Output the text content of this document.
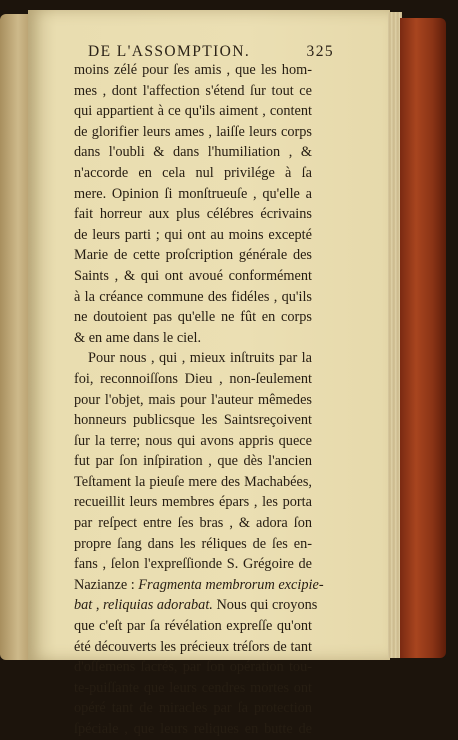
DE L'ASSOMPTION.	325
moins zélé pour ſes amis , que les hom-
mes , dont l'affection s'étend ſur tout ce
qui appartient à ce qu'ils aiment , content
de glorifier leurs ames , laiſſe leurs corps
dans l'oubli & dans l'humiliation , &
n'accorde en cela nul privilége à ſa
mere. Opinion ſi monſtrueuſe , qu'elle a
fait horreur aux plus célébres écrivains
de leurs parti ; qui ont au moins excepté
Marie de cette proſcription générale des
Saints , & qui ont avoué conformément
à la créance commune des fidéles , qu'ils
ne doutoient pas qu'elle ne fût en corps
& en ame dans le ciel.
Pour nous , qui , mieux inſtruits par la
foi, reconnoiſſons Dieu , non-ſeulement
pour l'objet, mais pour l'auteur mêmedes
honneurs publicsque les Saintsreçoivent
ſur la terre; nous qui avons appris quece
fut par ſon inſpiration , que dès l'ancien
Teſtament la pieuſe mere des Machabées,
recueillit leurs membres épars , les porta
par reſpect entre ſes bras , & adora ſon
propre ſang dans les réliques de ſes en-
fans , ſelon l'expreſſionde S. Grégoire de
Nazianze : Fragmenta membrorum excipie-
bat , reliquias adorabat. Nous qui croyons
que c'eſt par ſa révélation expreſſe qu'ont
été découverts les précieux tréſors de tant
d'oſſemens ſacrés, par ſon opération tou-
te-puiſſante que leurs cendres mortes ont
opéré tant de miracles par ſa protection
ſpéciale , que leurs reliques en butte de
